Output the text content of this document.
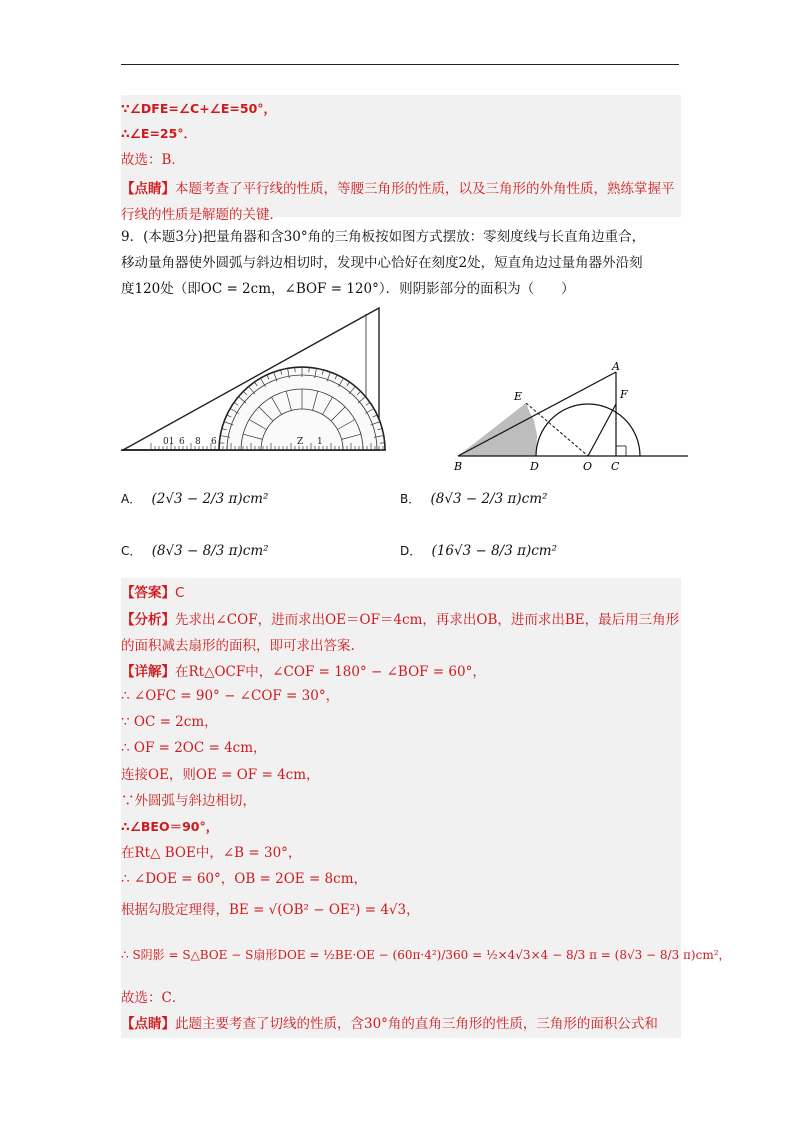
∵∠DFE=∠C+∠E=50°，
∴∠E=25°．
故选：B．
【点睛】本题考查了平行线的性质，等腰三角形的性质，以及三角形的外角性质，熟练掌握平行线的性质是解题的关键．
9．(本题3分)把量角器和含30°角的三角板按如图方式摆放：零刻度线与长直角边重合，
移动量角器使外圆弧与斜边相切时，发现中心恰好在刻度2处，短直角边过量角器外沿刻
度120处（即OC = 2cm，∠BOF = 120°）．则阴影部分的面积为（　　）
01 6 8 6	Z 1
A
E	F
B	D	O C
A． (2√3 − 2/3 π)cm²	B． (8√3 − 2/3 π)cm²
C． (8√3 − 8/3 π)cm²	D． (16√3 − 8/3 π)cm²
【答案】C
【分析】先求出∠COF，进而求出OE＝OF＝4cm，再求出OB，进而求出BE，最后用三角形的面积减去扇形的面积，即可求出答案.
【详解】在Rt△OCF中，∠COF = 180° − ∠BOF = 60°，
∴ ∠OFC = 90° − ∠COF = 30°，
∵ OC = 2cm，
∴ OF = 2OC = 4cm，
连接OE，则OE = OF = 4cm，
∵外圆弧与斜边相切，
∴∠BEO＝90°，
在Rt△ BOE中，∠B = 30°，
∴ ∠DOE = 60°，OB = 2OE = 8cm，
根据勾股定理得，BE = √(OB² − OE²) = 4√3，
∴ S阴影 = S△BOE − S扇形DOE = ½BE·OE − (60π·4²)/360 = ½×4√3×4 − 8/3 π = (8√3 − 8/3 π)cm²，
故选：C．
【点睛】此题主要考查了切线的性质，含30°角的直角三角形的性质，三角形的面积公式和
